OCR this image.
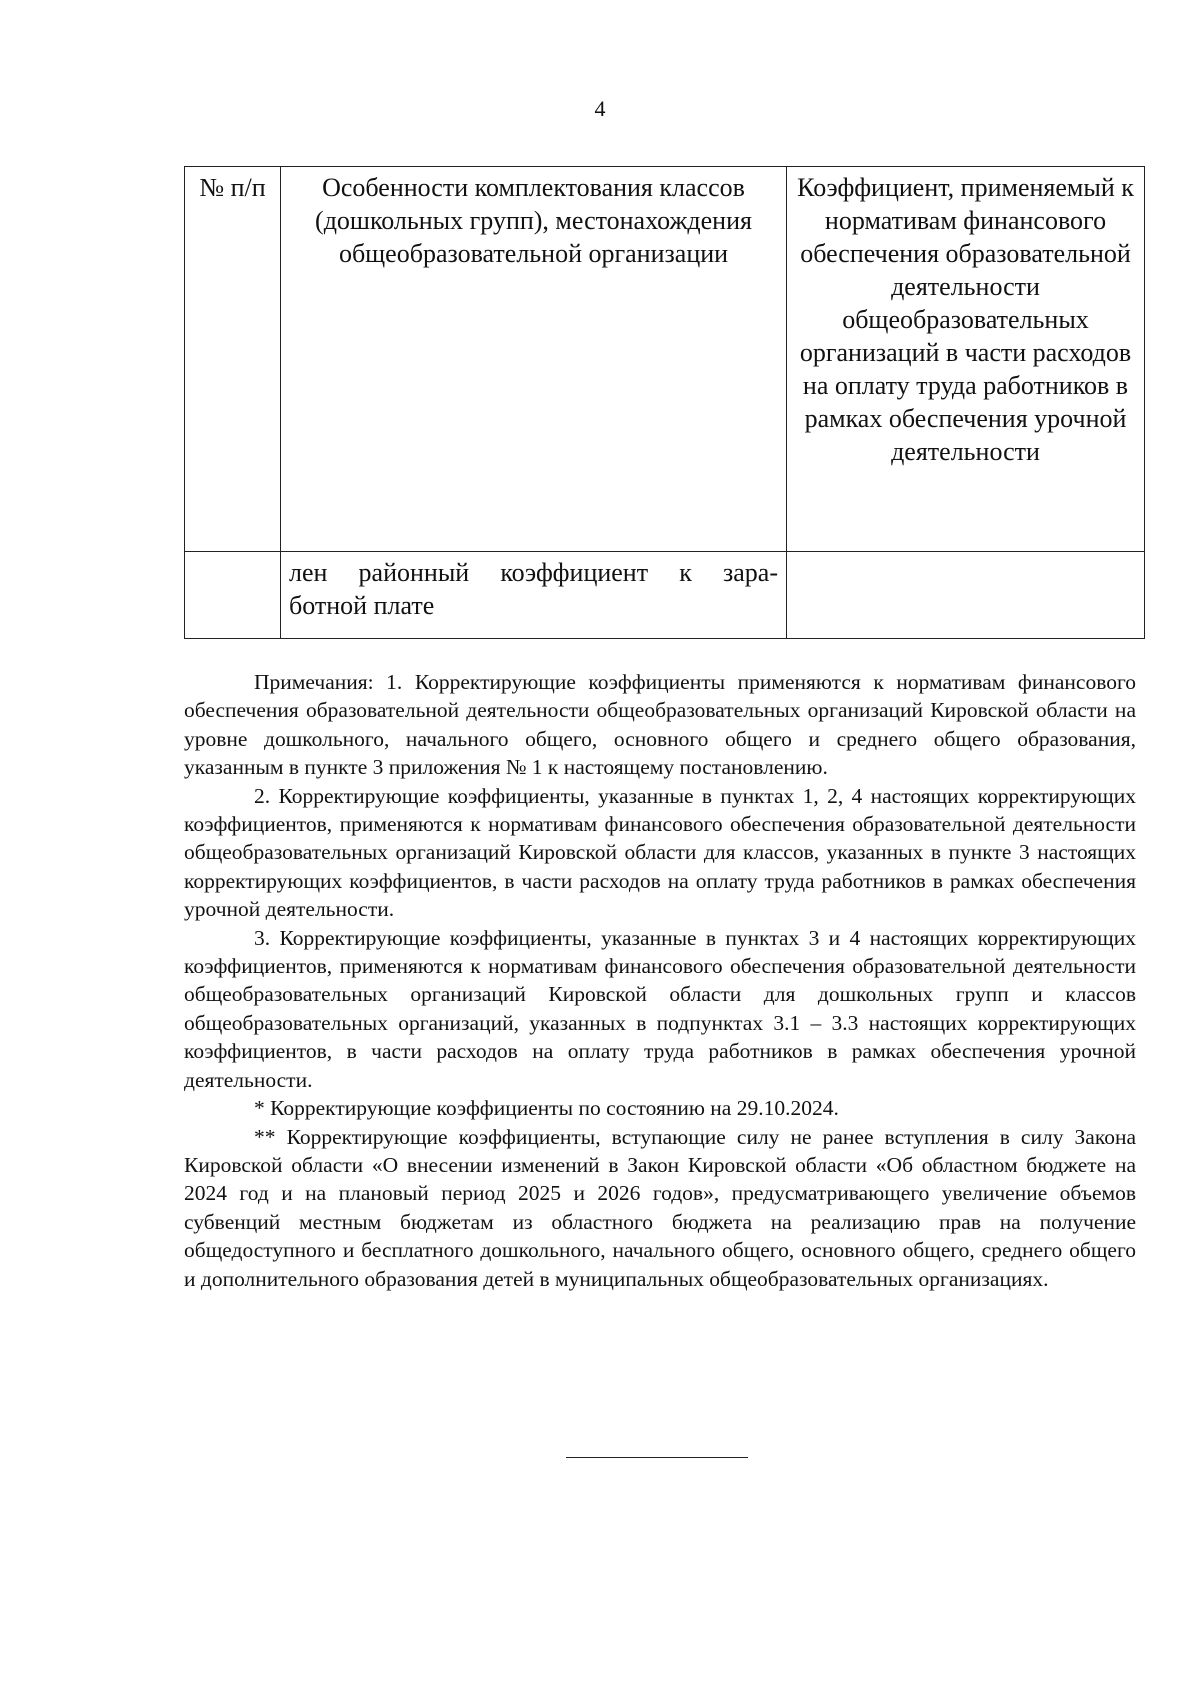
4
№ п/п	Особенности комплектования классов (дошкольных групп), местонахождения общеобразовательной организации	Коэффициент, применяемый к нормативам финансового обеспечения образовательной деятельности общеобразовательных организаций в части расходов на оплату труда работников в рамках обеспечения урочной деятельности

	лен районный коэффициент к зара-
ботной плате	

Примечания: 1. Корректирующие коэффициенты применяются к нормативам финансового обеспечения образовательной деятельности общеобразовательных организаций Кировской области на уровне дошкольного, начального общего, основного общего и среднего общего образования, указанным в пункте 3 приложения № 1 к настоящему постановлению.

2. Корректирующие коэффициенты, указанные в пунктах 1, 2, 4 настоящих корректирующих коэффициентов, применяются к нормативам финансового обеспечения образовательной деятельности общеобразовательных организаций Кировской области для классов, указанных в пункте 3 настоящих корректирующих коэффициентов, в части расходов на оплату труда работников в рамках обеспечения урочной деятельности.

3. Корректирующие коэффициенты, указанные в пунктах 3 и 4 настоящих корректирующих коэффициентов, применяются к нормативам финансового обеспечения образовательной деятельности общеобразовательных организаций Кировской области для дошкольных групп и классов общеобразовательных организаций, указанных в подпунктах 3.1 – 3.3 настоящих корректирующих коэффициентов, в части расходов на оплату труда работников в рамках обеспечения урочной деятельности.

* Корректирующие коэффициенты по состоянию на 29.10.2024.

** Корректирующие коэффициенты, вступающие силу не ранее вступления в силу Закона Кировской области «О внесении изменений в Закон Кировской области «Об областном бюджете на 2024 год и на плановый период 2025 и 2026 годов», предусматривающего увеличение объемов субвенций местным бюджетам из областного бюджета на реализацию прав на получение общедоступного и бесплатного дошкольного, начального общего, основного общего, среднего общего и дополнительного образования детей в муниципальных общеобразовательных организациях.
